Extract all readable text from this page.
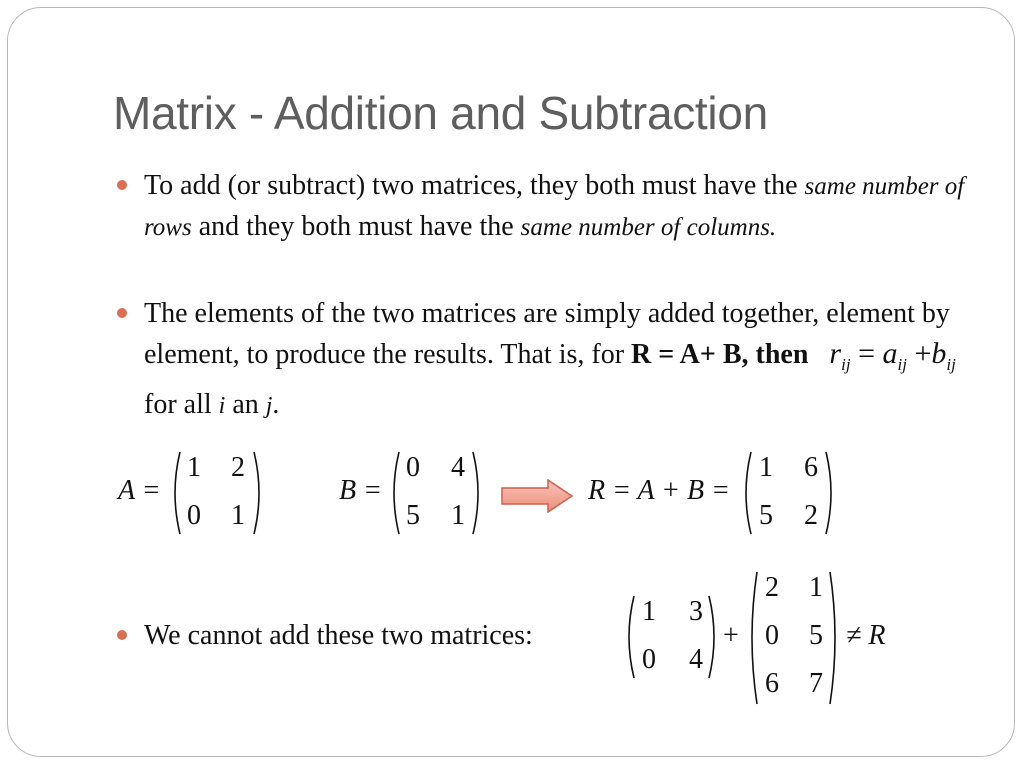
Matrix - Addition and Subtraction
To add (or subtract) two matrices, they both must have the same number of rows and they both must have the same number of columns.
The elements of the two matrices are simply added together, element by element, to produce the results. That is, for R = A+ B, then $r_{ij} = a_{ij} +b_{ij}$ for all i an j.
A =
1 2
0 1
B =
0 4
5 1
R = A + B =
1 6
5 2
We cannot add these two matrices:
1 3
0 4
+
2 1
0 5
6 7
≠ R
